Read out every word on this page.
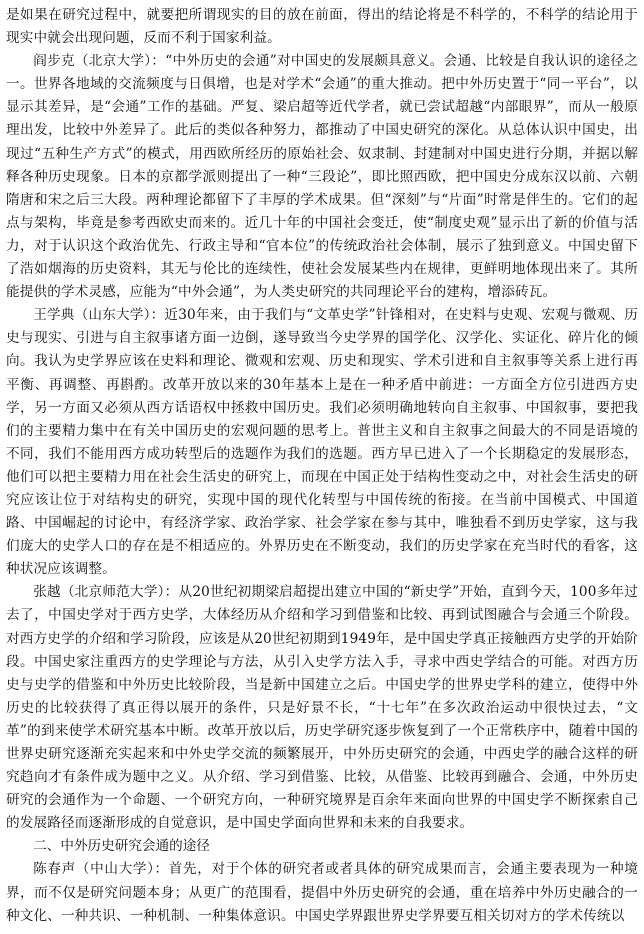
是如果在研究过程中，就要把所谓现实的目的放在前面，得出的结论将是不科学的，不科学的结论用于现实中就会出现问题，反而不利于国家利益。

阎步克（北京大学）：“中外历史的会通”对中国史的发展颇具意义。会通、比较是自我认识的途径之一。世界各地域的交流频度与日俱增，也是对学术“会通”的重大推动。把中外历史置于“同一平台”，以显示其差异，是“会通”工作的基础。严复、梁启超等近代学者，就已尝试超越“内部眼界”，而从一般原理出发，比较中外差异了。此后的类似各种努力，都推动了中国史研究的深化。从总体认识中国史，出现过“五种生产方式”的模式，用西欧所经历的原始社会、奴隶制、封建制对中国史进行分期，并据以解释各种历史现象。日本的京都学派则提出了一种“三段论”，即比照西欧，把中国史分成东汉以前、六朝隋唐和宋之后三大段。两种理论都留下了丰厚的学术成果。但“深刻”与“片面”时常是伴生的。它们的起点与架构，毕竟是参考西欧史而来的。近几十年的中国社会变迁，使“制度史观”显示出了新的价值与活力，对于认识这个政治优先、行政主导和“官本位”的传统政治社会体制，展示了独到意义。中国史留下了浩如烟海的历史资料，其无与伦比的连续性，使社会发展某些内在规律，更鲜明地体现出来了。其所能提供的学术灵感，应能为“中外会通”，为人类史研究的共同理论平台的建构，增添砖瓦。

王学典（山东大学）：近30年来，由于我们与“文革史学”针锋相对，在史料与史观、宏观与微观、历史与现实、引进与自主叙事诸方面一边倒，遂导致当今史学界的国学化、汉学化、实证化、碎片化的倾向。我认为史学界应该在史料和理论、微观和宏观、历史和现实、学术引进和自主叙事等关系上进行再平衡、再调整、再斟酌。改革开放以来的30年基本上是在一种矛盾中前进：一方面全方位引进西方史学，另一方面又必须从西方话语权中拯救中国历史。我们必须明确地转向自主叙事、中国叙事，要把我们的主要精力集中在有关中国历史的宏观问题的思考上。普世主义和自主叙事之间最大的不同是语境的不同，我们不能用西方成功转型后的选题作为我们的选题。西方早已进入了一个长期稳定的发展形态，他们可以把主要精力用在社会生活史的研究上，而现在中国正处于结构性变动之中，对社会生活史的研究应该让位于对结构史的研究，实现中国的现代化转型与中国传统的衔接。在当前中国模式、中国道路、中国崛起的讨论中，有经济学家、政治学家、社会学家在参与其中，唯独看不到历史学家，这与我们庞大的史学人口的存在是不相适应的。外界历史在不断变动，我们的历史学家在充当时代的看客，这种状况应该调整。

张越（北京师范大学）：从20世纪初期梁启超提出建立中国的“新史学”开始，直到今天，100多年过去了，中国史学对于西方史学，大体经历从介绍和学习到借鉴和比较、再到试图融合与会通三个阶段。对西方史学的介绍和学习阶段，应该是从20世纪初期到1949年，是中国史学真正接触西方史学的开始阶段。中国史家注重西方的史学理论与方法，从引入史学方法入手，寻求中西史学结合的可能。对西方历史与史学的借鉴和中外历史比较阶段，当是新中国建立之后。中国史学的世界史学科的建立，使得中外历史的比较获得了真正得以展开的条件，只是好景不长，“十七年”在多次政治运动中很快过去，“文革”的到来使学术研究基本中断。改革开放以后，历史学研究逐步恢复到了一个正常秩序中，随着中国的世界史研究逐渐充实起来和中外史学交流的频繁展开，中外历史研究的会通，中西史学的融合这样的研究趋向才有条件成为题中之义。从介绍、学习到借鉴、比较，从借鉴、比较再到融合、会通，中外历史研究的会通作为一个命题、一个研究方向，一种研究境界是百余年来面向世界的中国史学不断探索自己的发展路径而逐渐形成的自觉意识，是中国史学面向世界和未来的自我要求。

二、中外历史研究会通的途径

陈春声（中山大学）：首先，对于个体的研究者或者具体的研究成果而言，会通主要表现为一种境界，而不仅是研究问题本身；从更广的范围看，提倡中外历史研究的会通，重在培养中外历史融合的一种文化、一种共识、一种机制、一种集体意识。中国史学界跟世界史学界要互相关切对方的学术传统以
